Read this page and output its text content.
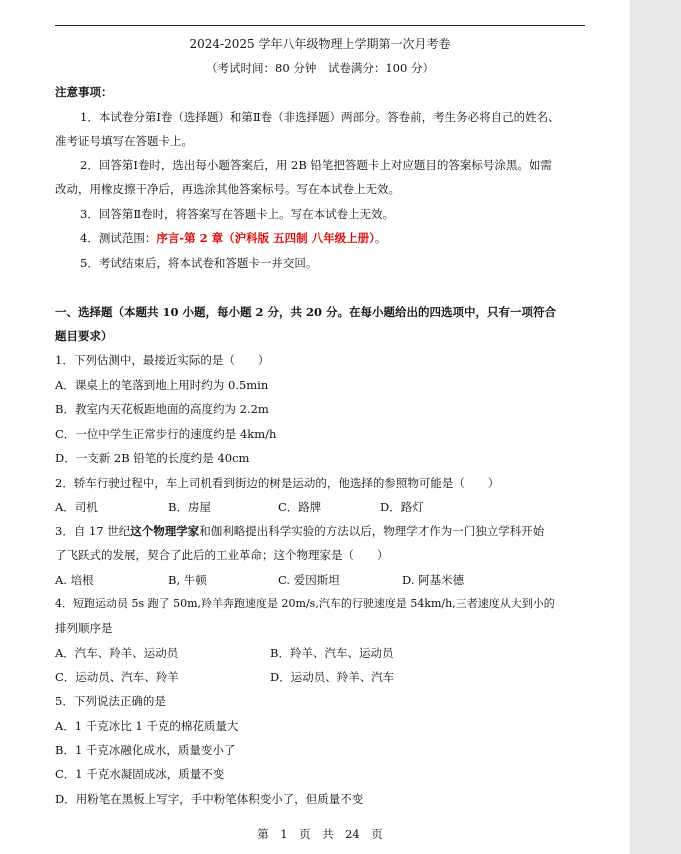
2024-2025 学年八年级物理上学期第一次月考卷
（考试时间：80 分钟　试卷满分：100 分）
注意事项：
1．本试卷分第Ⅰ卷（选择题）和第Ⅱ卷（非选择题）两部分。答卷前，考生务必将自己的姓名、
准考证号填写在答题卡上。
2．回答第Ⅰ卷时，选出每小题答案后，用 2B 铅笔把答题卡上对应题目的答案标号涂黑。如需
改动，用橡皮擦干净后，再选涂其他答案标号。写在本试卷上无效。
3．回答第Ⅱ卷时，将答案写在答题卡上。写在本试卷上无效。
4．测试范围：序言-第 2 章（沪科版 五四制 八年级上册）。
5．考试结束后，将本试卷和答题卡一并交回。
一、选择题（本题共 10 小题，每小题 2 分，共 20 分。在每小题给出的四选项中，只有一项符合
题目要求）
1．下列估测中，最接近实际的是（　　）
A．课桌上的笔落到地上用时约为 0.5min
B．教室内天花板距地面的高度约为 2.2m
C．一位中学生正常步行的速度约是 4km/h
D．一支新 2B 铅笔的长度约是 40cm
2．轿车行驶过程中，车上司机看到街边的树是运动的，他选择的参照物可能是（　　）
A．司机	B．房屋	C．路牌	D．路灯
3．自 17 世纪这个物理学家和伽利略提出科学实验的方法以后，物理学才作为一门独立学科开始
了飞跃式的发展，契合了此后的工业革命；这个物理家是（　　）
A. 培根	B, 牛顿	C. 爱因斯坦	D. 阿基米德
4．短跑运动员 5s 跑了 50m,羚羊奔跑速度是 20m/s,汽车的行驶速度是 54km/h,三者速度从大到小的
排列顺序是
A．汽车、羚羊、运动员	B．羚羊、汽车、运动员
C．运动员、汽车、羚羊	D．运动员、羚羊、汽车
5．下列说法正确的是
A．1 千克冰比 1 千克的棉花质量大
B．1 千克冰融化成水，质量变小了
C．1 千克水凝固成冰，质量不变
D．用粉笔在黑板上写字，手中粉笔体积变小了，但质量不变
第　1　页　共　24　页
